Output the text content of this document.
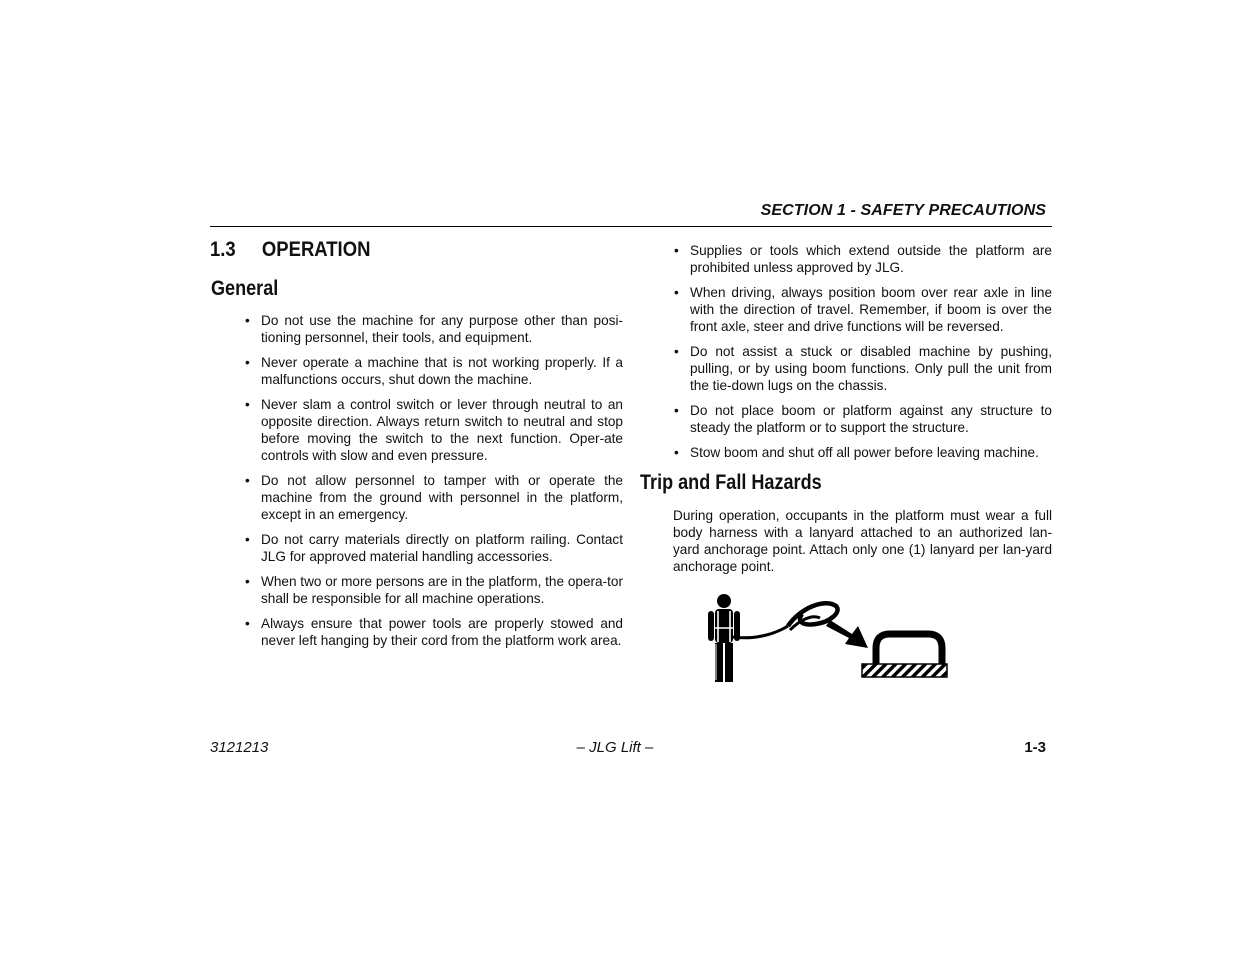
SECTION 1 - SAFETY PRECAUTIONS
1.3 OPERATION
General
• Do not use the machine for any purpose other than posi-tioning personnel, their tools, and equipment.
• Never operate a machine that is not working properly. If a malfunctions occurs, shut down the machine.
• Never slam a control switch or lever through neutral to an opposite direction. Always return switch to neutral and stop before moving the switch to the next function. Oper-ate controls with slow and even pressure.
• Do not allow personnel to tamper with or operate the machine from the ground with personnel in the platform, except in an emergency.
• Do not carry materials directly on platform railing. Contact JLG for approved material handling accessories.
• When two or more persons are in the platform, the opera-tor shall be responsible for all machine operations.
• Always ensure that power tools are properly stowed and never left hanging by their cord from the platform work area.
• Supplies or tools which extend outside the platform are prohibited unless approved by JLG.
• When driving, always position boom over rear axle in line with the direction of travel. Remember, if boom is over the front axle, steer and drive functions will be reversed.
• Do not assist a stuck or disabled machine by pushing, pulling, or by using boom functions. Only pull the unit from the tie-down lugs on the chassis.
• Do not place boom or platform against any structure to steady the platform or to support the structure.
• Stow boom and shut off all power before leaving machine.
Trip and Fall Hazards
During operation, occupants in the platform must wear a full body harness with a lanyard attached to an authorized lan-yard anchorage point. Attach only one (1) lanyard per lan-yard anchorage point.
3121213	– JLG Lift –	1-3
